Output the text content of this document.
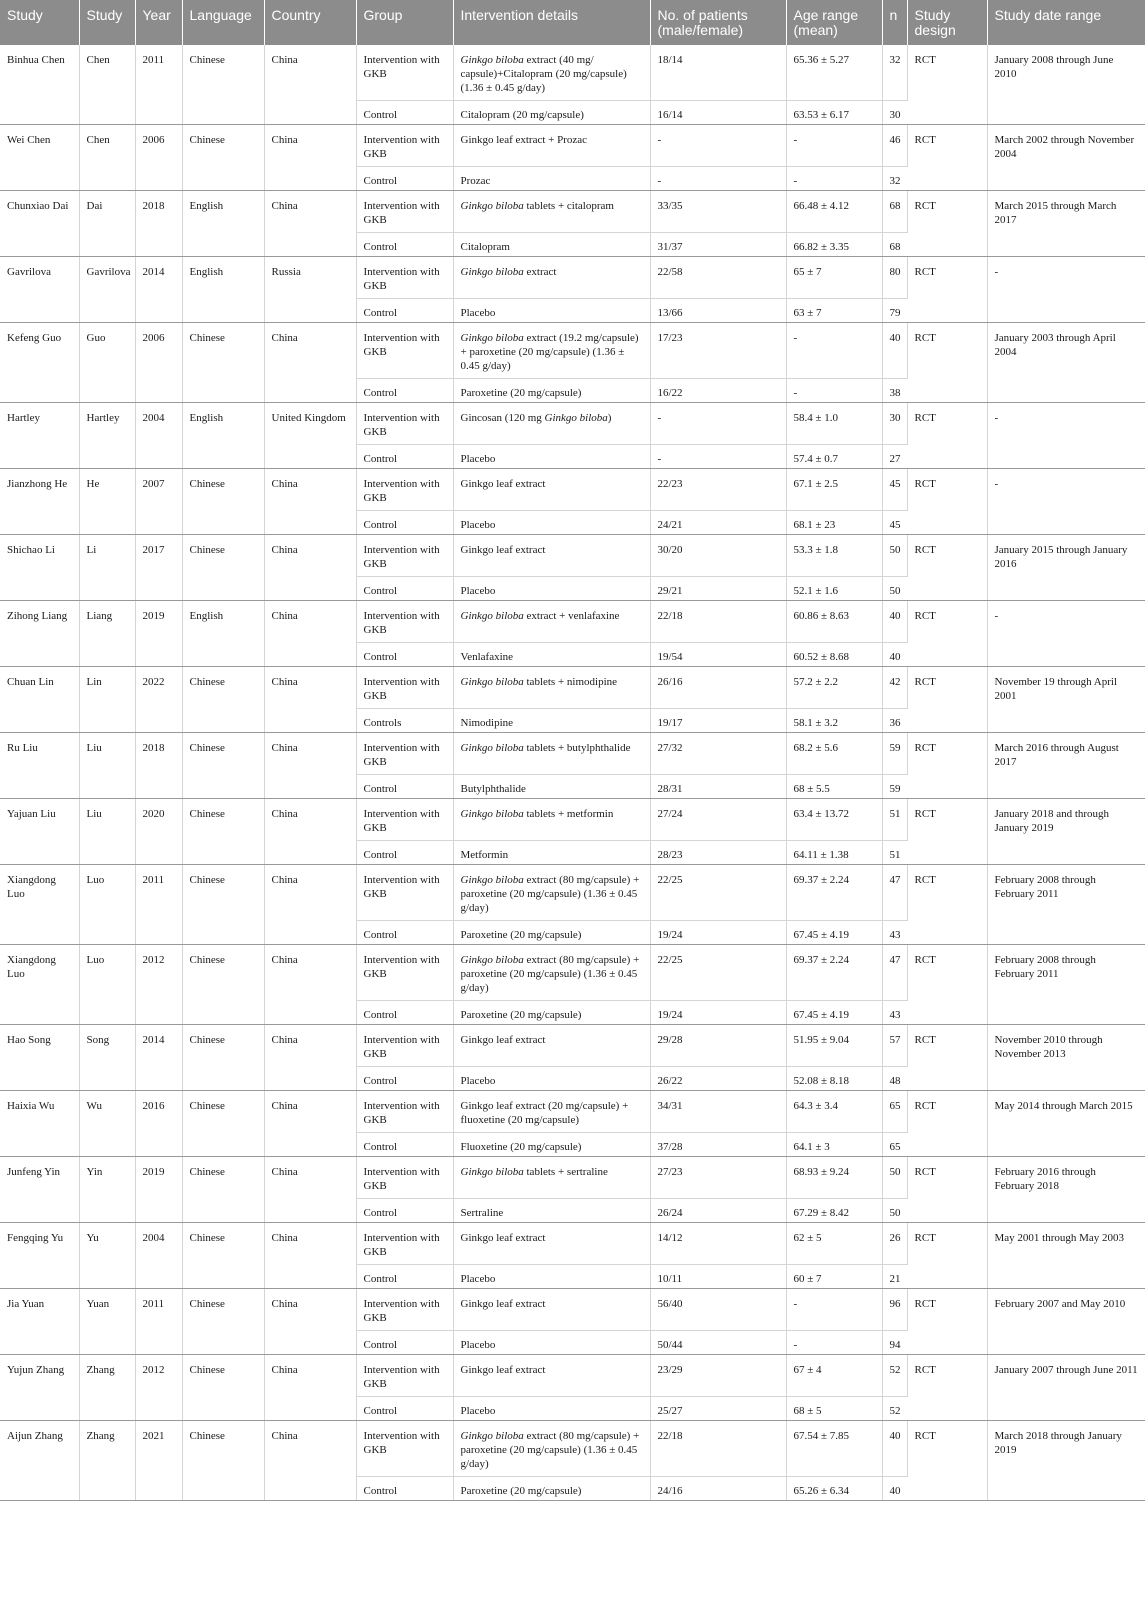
Study	Study	Year	Language	Country	Group	Intervention details	No. of patients (male/female)	Age range (mean)	n	Study design	Study date range
Binhua Chen	Chen	2011	Chinese	China	Intervention with GKB	Ginkgo biloba extract (40 mg/ capsule)+Citalopram (20 mg/capsule) (1.36 ± 0.45 g/day)	18/14	65.36 ± 5.27	32	RCT	January 2008 through June 2010
					Control	Citalopram (20 mg/capsule)	16/14	63.53 ± 6.17	30		
Wei Chen	Chen	2006	Chinese	China	Intervention with GKB	Ginkgo leaf extract + Prozac	-	-	46	RCT	March 2002 through November 2004
					Control	Prozac	-	-	32		
Chunxiao Dai	Dai	2018	English	China	Intervention with GKB	Ginkgo biloba tablets + citalopram	33/35	66.48 ± 4.12	68	RCT	March 2015 through March 2017
					Control	Citalopram	31/37	66.82 ± 3.35	68		
Gavrilova	Gavrilova	2014	English	Russia	Intervention with GKB	Ginkgo biloba extract	22/58	65 ± 7	80	RCT	-
					Control	Placebo	13/66	63 ± 7	79		
Kefeng Guo	Guo	2006	Chinese	China	Intervention with GKB	Ginkgo biloba extract (19.2 mg/capsule) + paroxetine (20 mg/capsule) (1.36 ± 0.45 g/day)	17/23	-	40	RCT	January 2003 through April 2004
					Control	Paroxetine (20 mg/capsule)	16/22	-	38		
Hartley	Hartley	2004	English	United Kingdom	Intervention with GKB	Gincosan (120 mg Ginkgo biloba)	-	58.4 ± 1.0	30	RCT	-
					Control	Placebo	-	57.4 ± 0.7	27		
Jianzhong He	He	2007	Chinese	China	Intervention with GKB	Ginkgo leaf extract	22/23	67.1 ± 2.5	45	RCT	-
					Control	Placebo	24/21	68.1 ± 23	45		
Shichao Li	Li	2017	Chinese	China	Intervention with GKB	Ginkgo leaf extract	30/20	53.3 ± 1.8	50	RCT	January 2015 through January 2016
					Control	Placebo	29/21	52.1 ± 1.6	50		
Zihong Liang	Liang	2019	English	China	Intervention with GKB	Ginkgo biloba extract + venlafaxine	22/18	60.86 ± 8.63	40	RCT	-
					Control	Venlafaxine	19/54	60.52 ± 8.68	40		
Chuan Lin	Lin	2022	Chinese	China	Intervention with GKB	Ginkgo biloba tablets + nimodipine	26/16	57.2 ± 2.2	42	RCT	November 19 through April 2001
					Controls	Nimodipine	19/17	58.1 ± 3.2	36		
Ru Liu	Liu	2018	Chinese	China	Intervention with GKB	Ginkgo biloba tablets + butylphthalide	27/32	68.2 ± 5.6	59	RCT	March 2016 through August 2017
					Control	Butylphthalide	28/31	68 ± 5.5	59		
Yajuan Liu	Liu	2020	Chinese	China	Intervention with GKB	Ginkgo biloba tablets + metformin	27/24	63.4 ± 13.72	51	RCT	January 2018 and through January 2019
					Control	Metformin	28/23	64.11 ± 1.38	51		
Xiangdong Luo	Luo	2011	Chinese	China	Intervention with GKB	Ginkgo biloba extract (80 mg/capsule) + paroxetine (20 mg/capsule) (1.36 ± 0.45 g/day)	22/25	69.37 ± 2.24	47	RCT	February 2008 through February 2011
					Control	Paroxetine (20 mg/capsule)	19/24	67.45 ± 4.19	43		
Xiangdong Luo	Luo	2012	Chinese	China	Intervention with GKB	Ginkgo biloba extract (80 mg/capsule) + paroxetine (20 mg/capsule) (1.36 ± 0.45 g/day)	22/25	69.37 ± 2.24	47	RCT	February 2008 through February 2011
					Control	Paroxetine (20 mg/capsule)	19/24	67.45 ± 4.19	43		
Hao Song	Song	2014	Chinese	China	Intervention with GKB	Ginkgo leaf extract	29/28	51.95 ± 9.04	57	RCT	November 2010 through November 2013
					Control	Placebo	26/22	52.08 ± 8.18	48		
Haixia Wu	Wu	2016	Chinese	China	Intervention with GKB	Ginkgo leaf extract (20 mg/capsule) + fluoxetine (20 mg/capsule)	34/31	64.3 ± 3.4	65	RCT	May 2014 through March 2015
					Control	Fluoxetine (20 mg/capsule)	37/28	64.1 ± 3	65		
Junfeng Yin	Yin	2019	Chinese	China	Intervention with GKB	Ginkgo biloba tablets + sertraline	27/23	68.93 ± 9.24	50	RCT	February 2016 through February 2018
					Control	Sertraline	26/24	67.29 ± 8.42	50		
Fengqing Yu	Yu	2004	Chinese	China	Intervention with GKB	Ginkgo leaf extract	14/12	62 ± 5	26	RCT	May 2001 through May 2003
					Control	Placebo	10/11	60 ± 7	21		
Jia Yuan	Yuan	2011	Chinese	China	Intervention with GKB	Ginkgo leaf extract	56/40	-	96	RCT	February 2007 and May 2010
					Control	Placebo	50/44	-	94		
Yujun Zhang	Zhang	2012	Chinese	China	Intervention with GKB	Ginkgo leaf extract	23/29	67 ± 4	52	RCT	January 2007 through June 2011
					Control	Placebo	25/27	68 ± 5	52		
Aijun Zhang	Zhang	2021	Chinese	China	Intervention with GKB	Ginkgo biloba extract (80 mg/capsule) + paroxetine (20 mg/capsule) (1.36 ± 0.45 g/day)	22/18	67.54 ± 7.85	40	RCT	March 2018 through January 2019
					Control	Paroxetine (20 mg/capsule)	24/16	65.26 ± 6.34	40		
